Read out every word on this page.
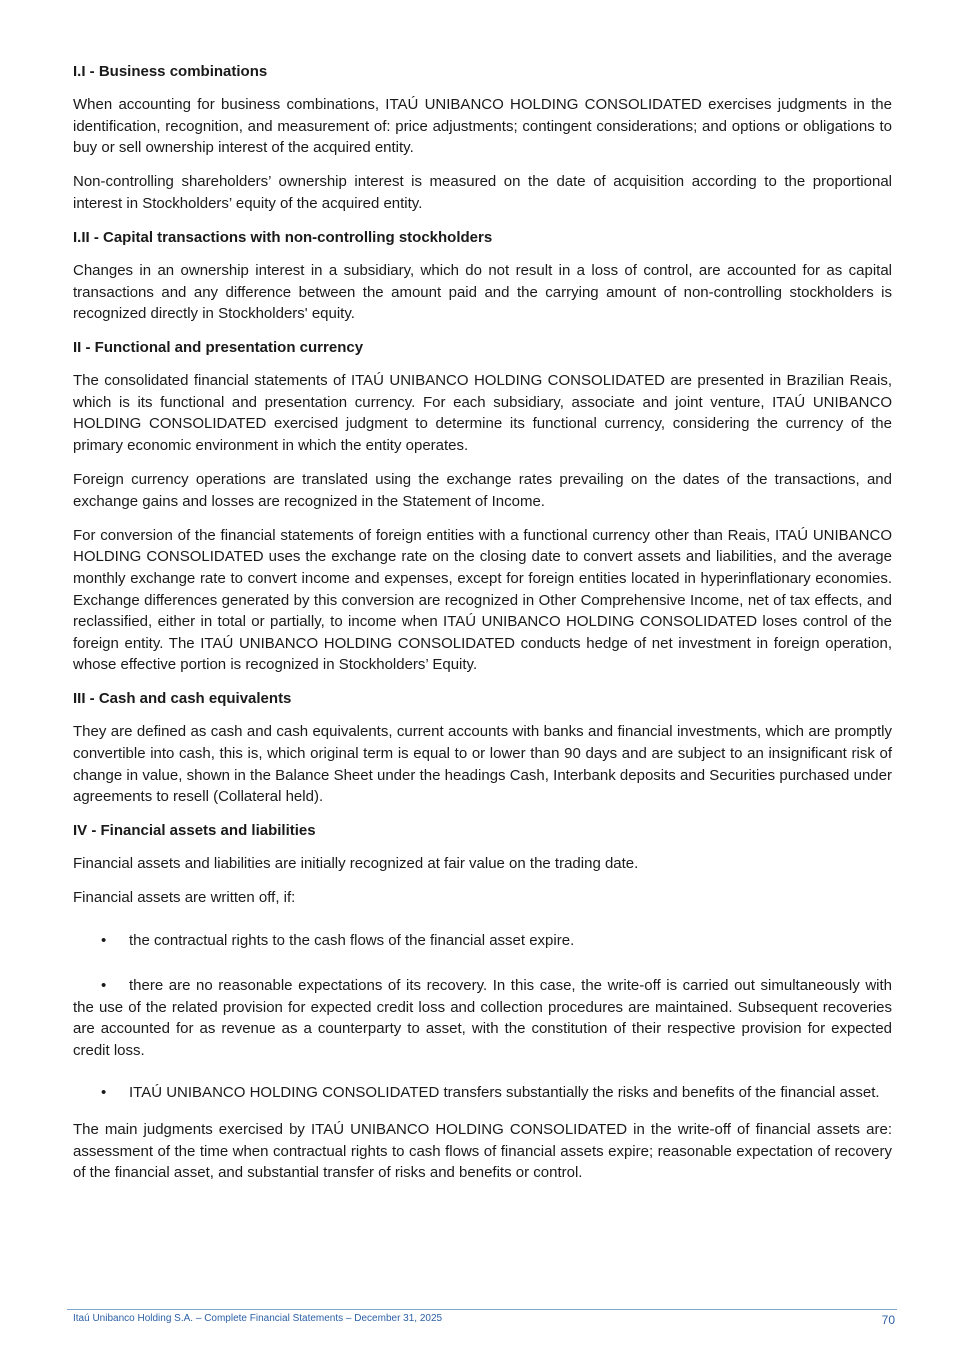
I.I - Business combinations

When accounting for business combinations, ITAÚ UNIBANCO HOLDING CONSOLIDATED exercises judgments in the identification, recognition, and measurement of: price adjustments; contingent considerations; and options or obligations to buy or sell ownership interest of the acquired entity.

Non-controlling shareholders’ ownership interest is measured on the date of acquisition according to the proportional interest in Stockholders’ equity of the acquired entity.

I.II - Capital transactions with non-controlling stockholders

Changes in an ownership interest in a subsidiary, which do not result in a loss of control, are accounted for as capital transactions and any difference between the amount paid and the carrying amount of non-controlling stockholders is recognized directly in Stockholders' equity.

II - Functional and presentation currency

The consolidated financial statements of ITAÚ UNIBANCO HOLDING CONSOLIDATED are presented in Brazilian Reais, which is its functional and presentation currency. For each subsidiary, associate and joint venture, ITAÚ UNIBANCO HOLDING CONSOLIDATED exercised judgment to determine its functional currency, considering the currency of the primary economic environment in which the entity operates.

Foreign currency operations are translated using the exchange rates prevailing on the dates of the transactions, and exchange gains and losses are recognized in the Statement of Income.

For conversion of the financial statements of foreign entities with a functional currency other than Reais, ITAÚ UNIBANCO HOLDING CONSOLIDATED uses the exchange rate on the closing date to convert assets and liabilities, and the average monthly exchange rate to convert income and expenses, except for foreign entities located in hyperinflationary economies. Exchange differences generated by this conversion are recognized in Other Comprehensive Income, net of tax effects, and reclassified, either in total or partially, to income when ITAÚ UNIBANCO HOLDING CONSOLIDATED loses control of the foreign entity. The ITAÚ UNIBANCO HOLDING CONSOLIDATED conducts hedge of net investment in foreign operation, whose effective portion is recognized in Stockholders’ Equity.

III - Cash and cash equivalents

They are defined as cash and cash equivalents, current accounts with banks and financial investments, which are promptly convertible into cash, this is, which original term is equal to or lower than 90 days and are subject to an insignificant risk of change in value, shown in the Balance Sheet under the headings Cash, Interbank deposits and Securities purchased under agreements to resell (Collateral held).

IV - Financial assets and liabilities

Financial assets and liabilities are initially recognized at fair value on the trading date.

Financial assets are written off, if:

• the contractual rights to the cash flows of the financial asset expire.
• there are no reasonable expectations of its recovery. In this case, the write-off is carried out simultaneously with the use of the related provision for expected credit loss and collection procedures are maintained. Subsequent recoveries are accounted for as revenue as a counterparty to asset, with the constitution of their respective provision for expected credit loss.
• ITAÚ UNIBANCO HOLDING CONSOLIDATED transfers substantially the risks and benefits of the financial asset.

The main judgments exercised by ITAÚ UNIBANCO HOLDING CONSOLIDATED in the write-off of financial assets are: assessment of the time when contractual rights to cash flows of financial assets expire; reasonable expectation of recovery of the financial asset, and substantial transfer of risks and benefits or control.

Itaú Unibanco Holding S.A. – Complete Financial Statements – December 31, 2025	70
